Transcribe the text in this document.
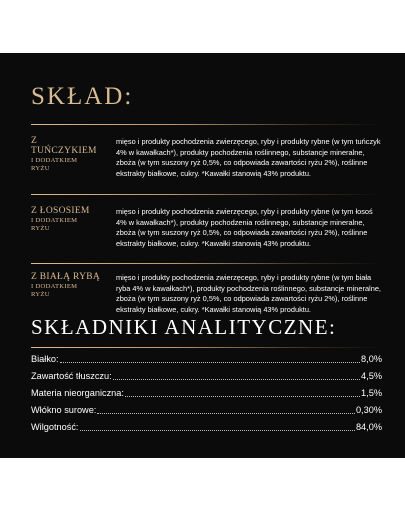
SKŁAD:
Z TUŃCZYKIEM
I DODATKIEM
RYŻU

mięso i produkty pochodzenia zwierzęcego, ryby i produkty rybne (w tym tuńczyk 4% w kawałkach*), produkty pochodzenia roślinnego, substancje mineralne, zboża (w tym suszony ryż 0,5%, co odpowiada zawartości ryżu 2%), roślinne ekstrakty białkowe, cukry. *Kawałki stanowią 43% produktu.

Z ŁOSOSIEM
I DODATKIEM
RYŻU

mięso i produkty pochodzenia zwierzęcego, ryby i produkty rybne (w tym łosoś 4% w kawałkach*), produkty pochodzenia roślinnego, substancje mineralne, zboża (w tym suszony ryż 0,5%, co odpowiada zawartości ryżu 2%), roślinne ekstrakty białkowe, cukry. *Kawałki stanowią 43% produktu.

Z BIAŁĄ RYBĄ
I DODATKIEM
RYŻU

mięso i produkty pochodzenia zwierzęcego, ryby i produkty rybne (w tym biała ryba 4% w kawałkach*), produkty pochodzenia roślinnego, substancje mineralne, zboża (w tym suszony ryż 0,5%, co odpowiada zawartości ryżu 2%), roślinne ekstrakty białkowe, cukry. *Kawałki stanowią 43% produktu.

SKŁADNIKI ANALITYCZNE:
Białko:	8,0%
Zawartość tłuszczu:	4,5%
Materia nieorganiczna:	1,5%
Włókno surowe:	0,30%
Wilgotność:	84,0%
